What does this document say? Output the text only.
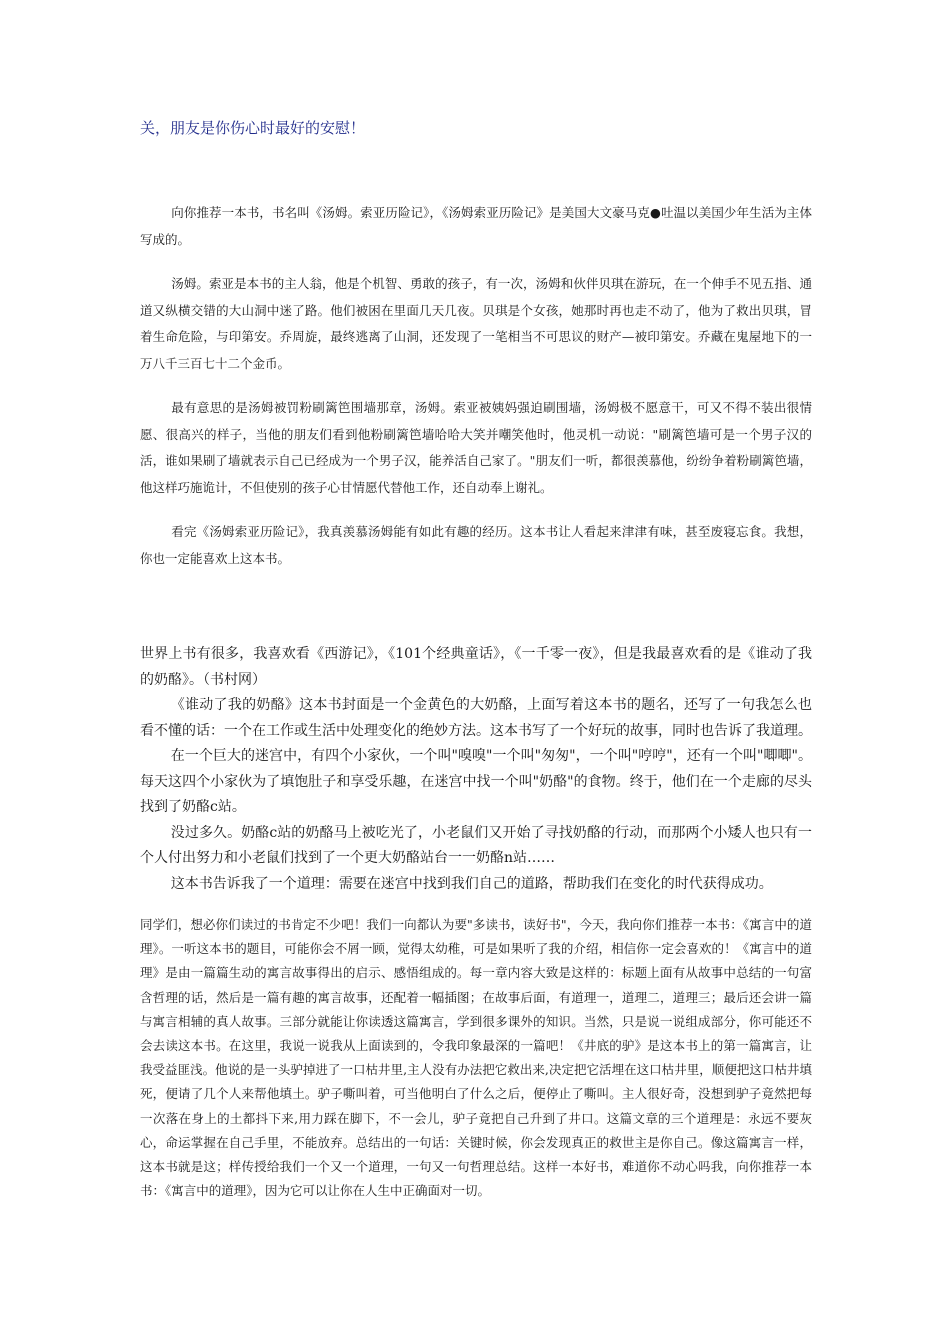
关，朋友是你伤心时最好的安慰！

向你推荐一本书，书名叫《汤姆。索亚历险记》，《汤姆索亚历险记》是美国大文豪马克●吐温以美国少年生活为主体写成的。

汤姆。索亚是本书的主人翁，他是个机智、勇敢的孩子，有一次，汤姆和伙伴贝琪在游玩，在一个伸手不见五指、通道又纵横交错的大山洞中迷了路。他们被困在里面几天几夜。贝琪是个女孩，她那时再也走不动了，他为了救出贝琪，冒着生命危险，与印第安。乔周旋，最终逃离了山洞，还发现了一笔相当不可思议的财产—被印第安。乔藏在鬼屋地下的一万八千三百七十二个金币。

最有意思的是汤姆被罚粉刷篱笆围墙那章，汤姆。索亚被姨妈强迫刷围墙，汤姆极不愿意干，可又不得不装出很情愿、很高兴的样子，当他的朋友们看到他粉刷篱笆墙哈哈大笑并嘲笑他时，他灵机一动说："刷篱笆墙可是一个男子汉的活，谁如果刷了墙就表示自己已经成为一个男子汉，能养活自己家了。"朋友们一听，都很羡慕他，纷纷争着粉刷篱笆墙，他这样巧施诡计，不但使别的孩子心甘情愿代替他工作，还自动奉上谢礼。

看完《汤姆索亚历险记》，我真羡慕汤姆能有如此有趣的经历。这本书让人看起来津津有味，甚至废寝忘食。我想，你也一定能喜欢上这本书。

世界上书有很多，我喜欢看《西游记》，《101个经典童话》，《一千零一夜》，但是我最喜欢看的是《谁动了我的奶酪》。（书村网）

《谁动了我的奶酪》这本书封面是一个金黄色的大奶酪，上面写着这本书的题名，还写了一句我怎么也看不懂的话：一个在工作或生活中处理变化的绝妙方法。这本书写了一个好玩的故事，同时也告诉了我道理。

在一个巨大的迷宫中，有四个小家伙，一个叫"嗅嗅"一个叫"匆匆"，一个叫"哼哼"，还有一个叫"唧唧"。每天这四个小家伙为了填饱肚子和享受乐趣，在迷宫中找一个叫"奶酪"的食物。终于，他们在一个走廊的尽头找到了奶酪c站。

没过多久。奶酪c站的奶酪马上被吃光了，小老鼠们又开始了寻找奶酪的行动，而那两个小矮人也只有一个人付出努力和小老鼠们找到了一个更大奶酪站台一一奶酪n站……

这本书告诉我了一个道理：需要在迷宫中找到我们自己的道路，帮助我们在变化的时代获得成功。

同学们，想必你们读过的书肯定不少吧！我们一向都认为要"多读书，读好书"，今天，我向你们推荐一本书：《寓言中的道理》。一听这本书的题目，可能你会不屑一顾，觉得太幼稚，可是如果听了我的介绍，相信你一定会喜欢的！《寓言中的道理》是由一篇篇生动的寓言故事得出的启示、感悟组成的。每一章内容大致是这样的：标题上面有从故事中总结的一句富含哲理的话，然后是一篇有趣的寓言故事，还配着一幅插图；在故事后面，有道理一，道理二，道理三；最后还会讲一篇与寓言相辅的真人故事。三部分就能让你读透这篇寓言，学到很多课外的知识。当然，只是说一说组成部分，你可能还不会去读这本书。在这里，我说一说我从上面读到的，令我印象最深的一篇吧！《井底的驴》是这本书上的第一篇寓言，让我受益匪浅。他说的是一头驴掉进了一口枯井里,主人没有办法把它救出来,决定把它活埋在这口枯井里，顺便把这口枯井填死，便请了几个人来帮他填土。驴子嘶叫着，可当他明白了什么之后，便停止了嘶叫。主人很好奇，没想到驴子竟然把每一次落在身上的土都抖下来,用力踩在脚下，不一会儿，驴子竟把自己升到了井口。这篇文章的三个道理是：永远不要灰心，命运掌握在自己手里，不能放弃。总结出的一句话：关键时候，你会发现真正的救世主是你自己。像这篇寓言一样，这本书就是这；样传授给我们一个又一个道理，一句又一句哲理总结。这样一本好书，难道你不动心吗我，向你推荐一本书：《寓言中的道理》，因为它可以让你在人生中正确面对一切。
